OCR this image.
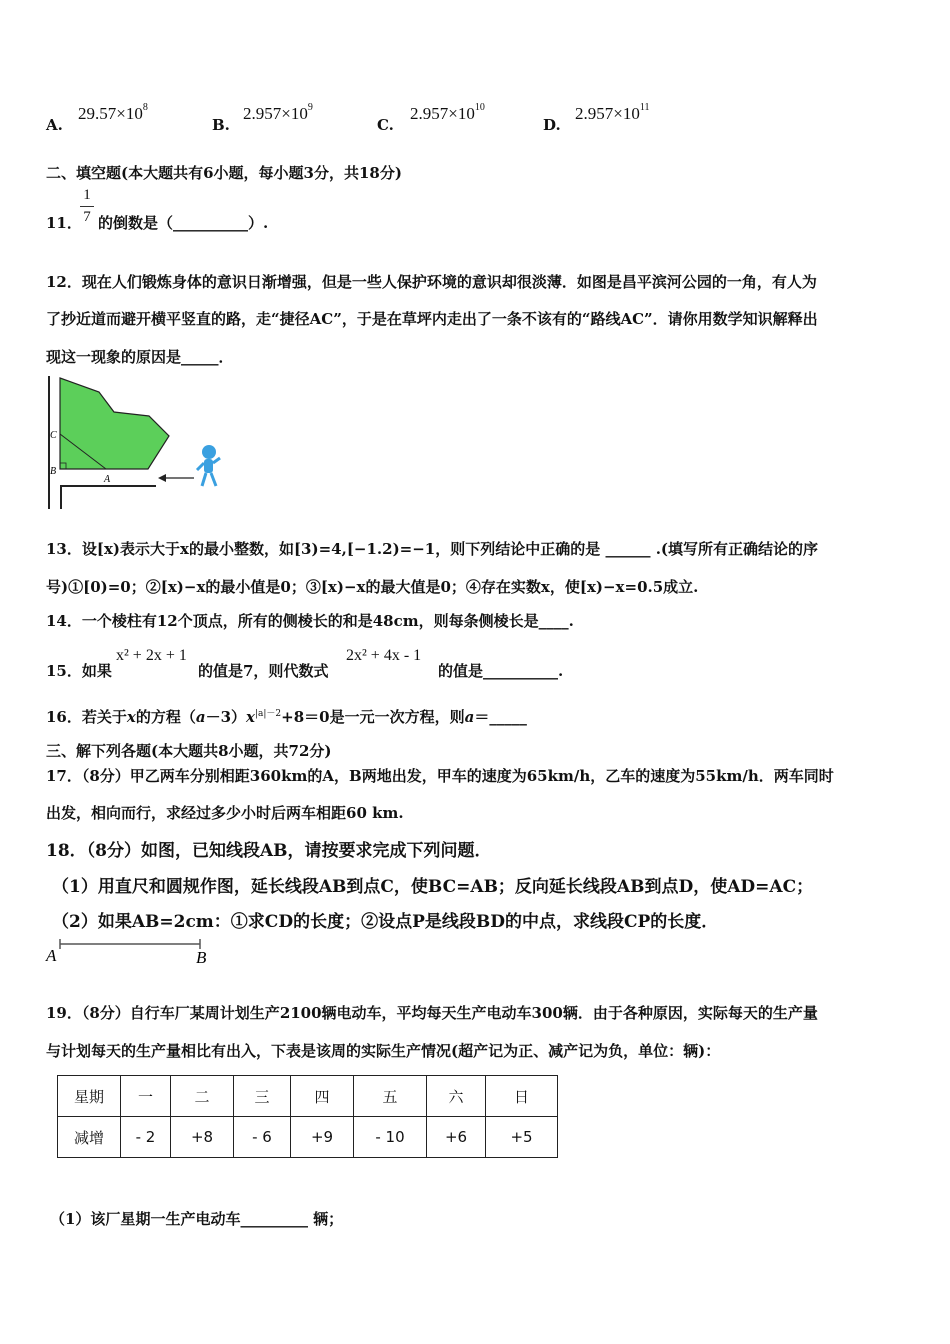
A.
$29.57\times 10^8$
B.
$2.957\times 10^9$
C.
$2.957\times 10^{10}$
D.
$2.957\times 10^{11}$
二、填空题(本大题共有6小题，每小题3分，共18分)
11．
1
7 的倒数是（__________）.
12．现在人们锻炼身体的意识日渐增强，但是一些人保护环境的意识却很淡薄．如图是昌平滨河公园的一角，有人为
了抄近道而避开横平竖直的路，走“捷径AC”，于是在草坪内走出了一条不该有的“路线AC”．请你用数学知识解释出
现这一现象的原因是_____．
C
B
A
13．设[x)表示大于x的最小整数，如[3)=4,[−1.2)=−1，则下列结论中正确的是 ______ .(填写所有正确结论的序
号)①[0)=0；②[x)−x的最小值是0；③[x)−x的最大值是0；④存在实数x，使[x)−x=0.5成立.
14．一个棱柱有12个顶点，所有的侧棱长的和是48cm，则每条侧棱长是____.
15．如果
x² + 2x + 1
的值是7，则代数式
2x² + 4x - 1
的值是__________.
16．若关于x的方程$(a-3)x^{|a|-2}+8=0$是一元一次方程，则a＝_____
三、解下列各题(本大题共8小题，共72分)
17．（8分）甲乙两车分别相距360km的A，B两地出发，甲车的速度为65km/h，乙车的速度为55km/h．两车同时
出发，相向而行，求经过多少小时后两车相距60 km.
18．（8分）如图，已知线段AB，请按要求完成下列问题．
（1）用直尺和圆规作图，延长线段AB到点C，使BC=AB；反向延长线段AB到点D，使AD=AC；
（2）如果AB=2cm：①求CD的长度；②设点P是线段BD的中点，求线段CP的长度．
A	B
19．（8分）自行车厂某周计划生产2100辆电动车，平均每天生产电动车300辆．由于各种原因，实际每天的生产量
与计划每天的生产量相比有出入，下表是该周的实际生产情况(超产记为正、减产记为负，单位：辆)：
星期	一	二	三	四	五	六	日
减增	- 2	+8	- 6	+9	- 10	+6	+5
（1）该厂星期一生产电动车_________ 辆；
